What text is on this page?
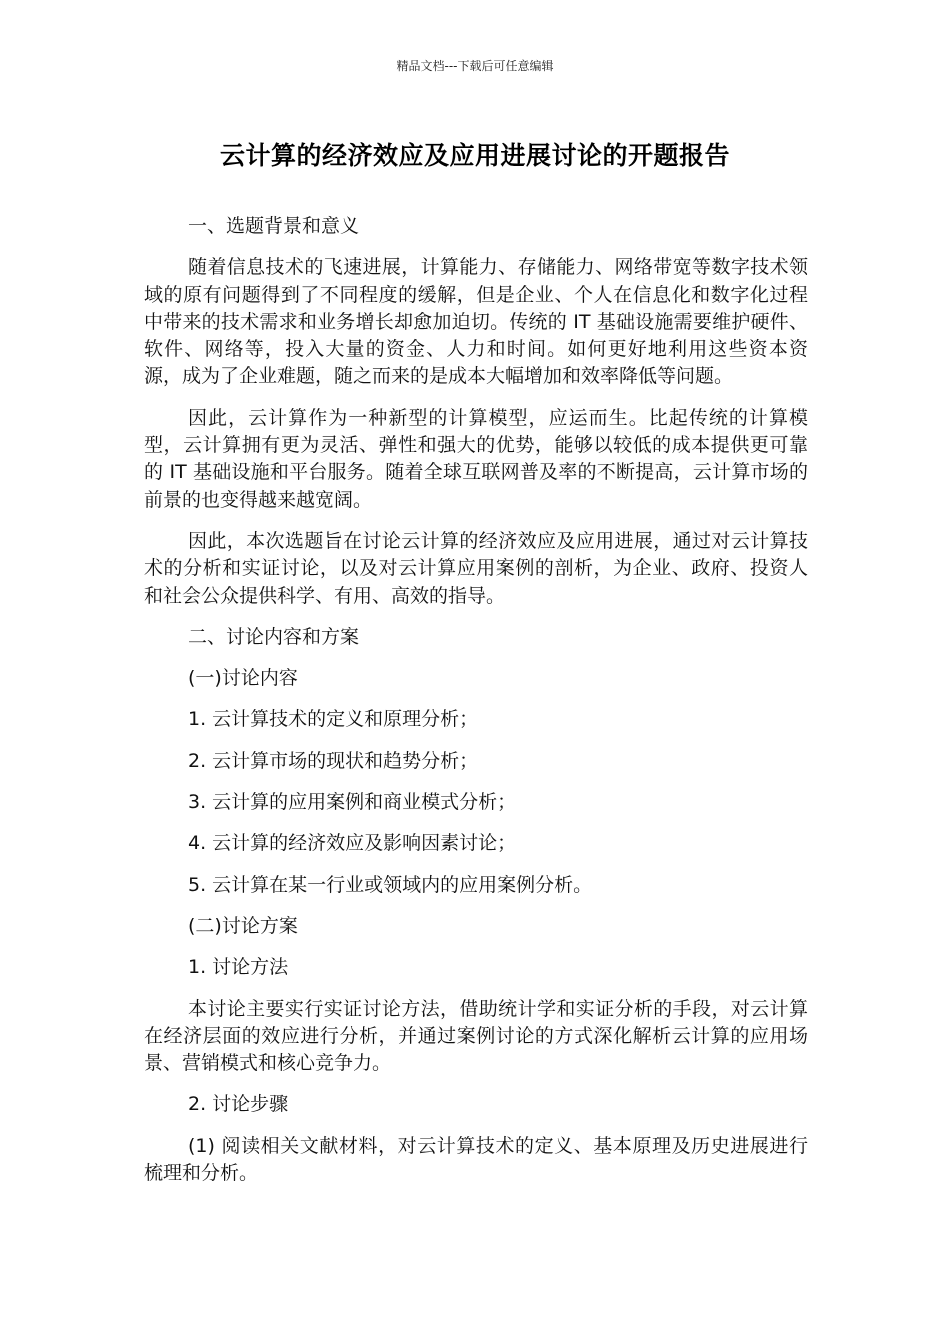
精品文档---下载后可任意编辑
云计算的经济效应及应用进展讨论的开题报告

一、选题背景和意义

随着信息技术的飞速进展，计算能力、存储能力、网络带宽等数字技术领域的原有问题得到了不同程度的缓解，但是企业、个人在信息化和数字化过程中带来的技术需求和业务增长却愈加迫切。传统的 IT 基础设施需要维护硬件、软件、网络等，投入大量的资金、人力和时间。如何更好地利用这些资本资源，成为了企业难题，随之而来的是成本大幅增加和效率降低等问题。

因此，云计算作为一种新型的计算模型，应运而生。比起传统的计算模型，云计算拥有更为灵活、弹性和强大的优势，能够以较低的成本提供更可靠的 IT 基础设施和平台服务。随着全球互联网普及率的不断提高，云计算市场的前景的也变得越来越宽阔。

因此，本次选题旨在讨论云计算的经济效应及应用进展，通过对云计算技术的分析和实证讨论，以及对云计算应用案例的剖析，为企业、政府、投资人和社会公众提供科学、有用、高效的指导。

二、讨论内容和方案

(一)讨论内容

1. 云计算技术的定义和原理分析；

2. 云计算市场的现状和趋势分析；

3. 云计算的应用案例和商业模式分析；

4. 云计算的经济效应及影响因素讨论；

5. 云计算在某一行业或领域内的应用案例分析。

(二)讨论方案

1. 讨论方法

本讨论主要实行实证讨论方法，借助统计学和实证分析的手段，对云计算在经济层面的效应进行分析，并通过案例讨论的方式深化解析云计算的应用场景、营销模式和核心竞争力。

2. 讨论步骤

(1) 阅读相关文献材料，对云计算技术的定义、基本原理及历史进展进行梳理和分析。
